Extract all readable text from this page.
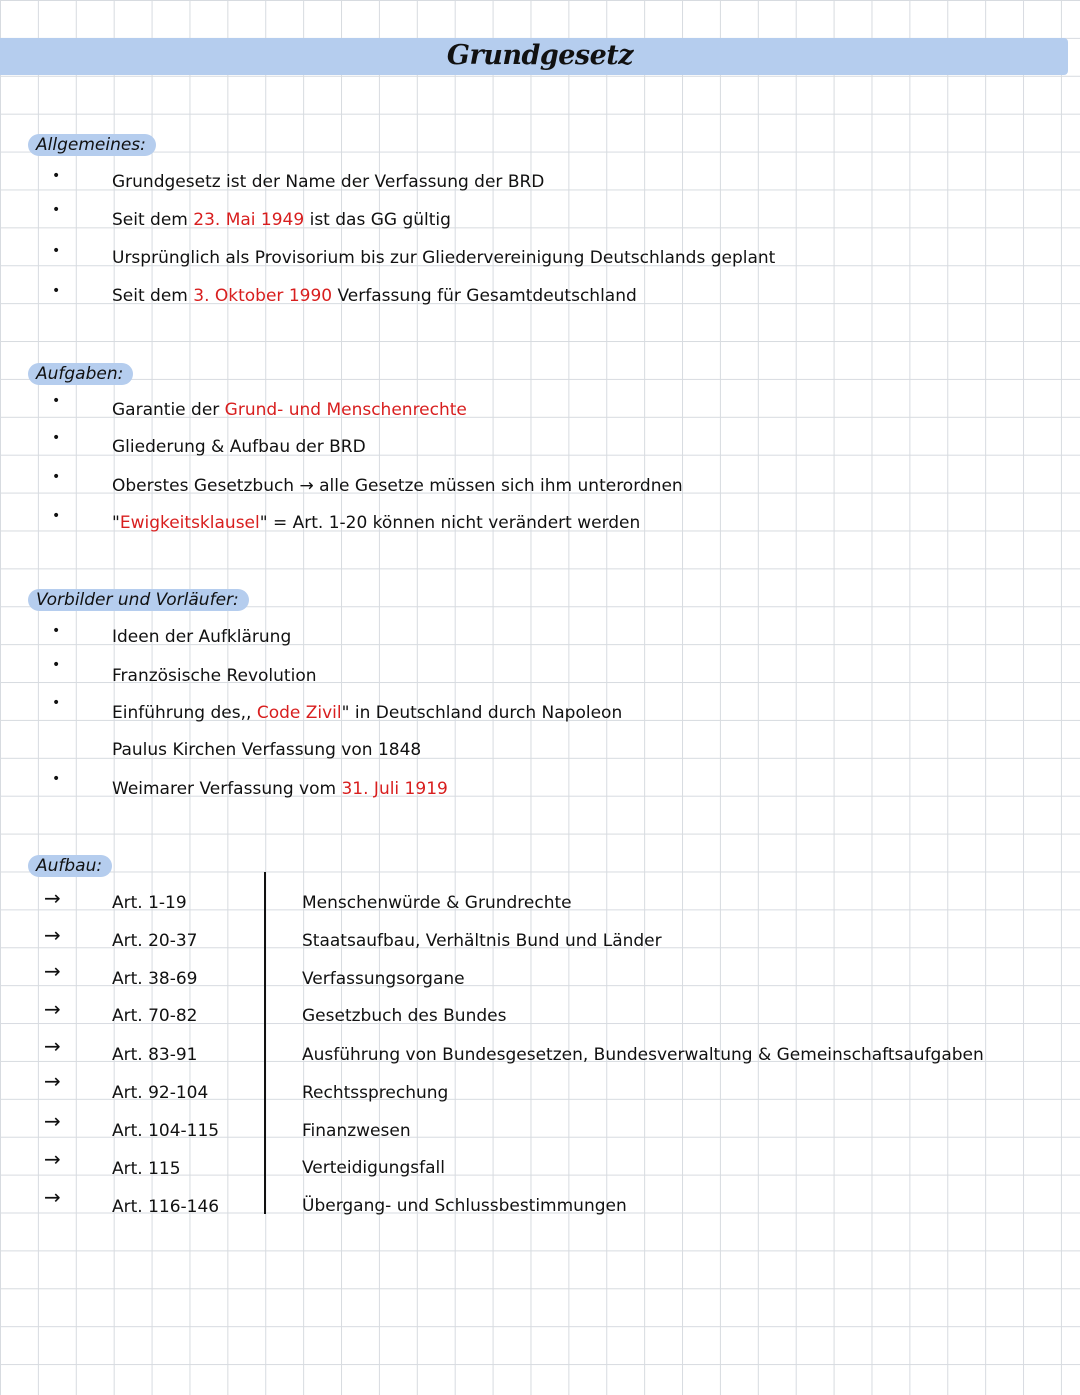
Grundgesetz
Allgemeines:
•	Grundgesetz ist der Name der Verfassung der BRD
•	Seit dem 23. Mai 1949 ist das GG gültig
•	Ursprünglich als Provisorium bis zur Gliedervereinigung Deutschlands geplant
•	Seit dem 3. Oktober 1990 Verfassung für Gesamtdeutschland
Aufgaben:
•	Garantie der Grund- und Menschenrechte
•	Gliederung & Aufbau der BRD
•	Oberstes Gesetzbuch → alle Gesetze müssen sich ihm unterordnen
•	"Ewigkeitsklausel" = Art. 1-20 können nicht verändert werden
Vorbilder und Vorläufer:
•	Ideen der Aufklärung
•
Französische Revolution
•	Einführung des,, Code Zivil" in Deutschland durch Napoleon
Paulus Kirchen Verfassung von 1848
•	Weimarer Verfassung vom 31. Juli 1919
Aufbau:
→	Art. 1-19	Menschenwürde & Grundrechte
→	Art. 20-37	Staatsaufbau, Verhältnis Bund und Länder
→	Art. 38-69	Verfassungsorgane
→	Art. 70-82	Gesetzbuch des Bundes
→	Art. 83-91	Ausführung von Bundesgesetzen, Bundesverwaltung & Gemeinschaftsaufgaben
→	Art. 92-104	Rechtssprechung
→	Art. 104-115	Finanzwesen
→	Art. 115	Verteidigungsfall
→	Art. 116-146	Übergang- und Schlussbestimmungen
